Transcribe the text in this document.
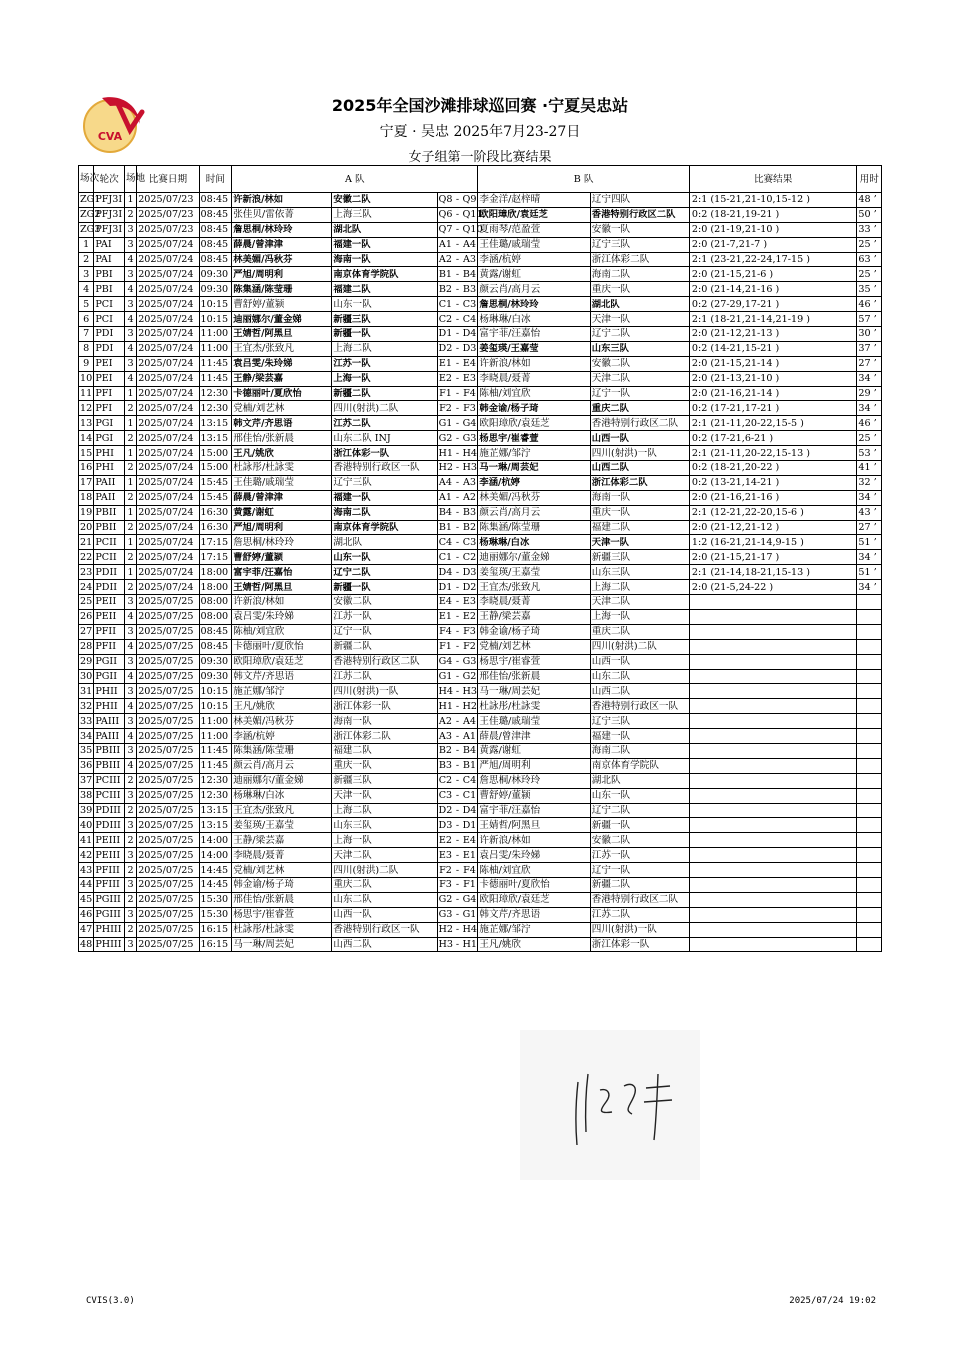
CVA
2025年全国沙滩排球巡回赛 ·宁夏吴忠站
宁夏 · 吴忠 2025年7月23-27日
女子组第一阶段比赛结果
场次	轮次	场地	比赛日期	时间	A 队					B 队		比赛结果	用时
ZG1	PFJ3I	1	2025/07/23	08:45	许新浪/林如	安徽二队	Q8	-	Q9	李金洋/赵梓晴	辽宁四队	2:1 (15-21,21-10,15-12 )	48 ’
ZG2	PFJ3I	2	2025/07/23	08:45	张佳贝/雷依菁	上海三队	Q6	-	Q11	欧阳璋欣/袁廷芝	香港特别行政区二队	0:2 (18-21,19-21 )	50 ’
ZG3	PFJ3I	3	2025/07/23	08:45	詹思桐/林玲玲	湖北队	Q7	-	Q10	夏雨琴/范盈萱	安徽一队	2:0 (21-19,21-10 )	33 ’
1	PAI	3	2025/07/24	08:45	薛晨/曾津津	福建一队	A1	-	A4	王佳璐/戚瑞莹	辽宁三队	2:0 (21-7,21-7 )	25 ’
2	PAI	4	2025/07/24	08:45	林美媚/冯秋芬	海南一队	A2	-	A3	李涵/杭婷	浙江体彩二队	2:1 (23-21,22-24,17-15 )	63 ’
3	PBI	3	2025/07/24	09:30	严旭/周明利	南京体育学院队	B1	-	B4	黄露/谢虹	海南二队	2:0 (21-15,21-6 )	25 ’
4	PBI	4	2025/07/24	09:30	陈集涵/陈莹珊	福建二队	B2	-	B3	颜云肖/高月云	重庆一队	2:0 (21-14,21-16 )	35 ’
5	PCI	3	2025/07/24	10:15	曹舒婷/董颍	山东一队	C1	-	C3	詹思桐/林玲玲	湖北队	0:2 (27-29,17-21 )	46 ’
6	PCI	4	2025/07/24	10:15	迪丽娜尔/董金娣	新疆三队	C2	-	C4	杨琳琳/白冰	天津一队	2:1 (18-21,21-14,21-19 )	57 ’
7	PDI	3	2025/07/24	11:00	王婧哲/阿黑旦	新疆一队	D1	-	D4	富宇菲/汪嘉怡	辽宁二队	2:0 (21-12,21-13 )	30 ’
8	PDI	4	2025/07/24	11:00	王宜杰/张致凡	上海二队	D2	-	D3	姜玺瑛/王嘉莹	山东三队	0:2 (14-21,15-21 )	37 ’
9	PEI	3	2025/07/24	11:45	袁吕雯/朱玲娣	江苏一队	E1	-	E4	许新浪/林如	安徽二队	2:0 (21-15,21-14 )	27 ’
10	PEI	4	2025/07/24	11:45	王静/梁芸嘉	上海一队	E2	-	E3	李晓晨/聂菁	天津二队	2:0 (21-13,21-10 )	34 ’
11	PFI	1	2025/07/24	12:30	卡德丽叶/夏欣怡	新疆二队	F1	-	F4	陈柚/刘宜欣	辽宁一队	2:0 (21-16,21-14 )	29 ’
12	PFI	2	2025/07/24	12:30	党楠/刘艺林	四川(射洪)二队	F2	-	F3	韩金谕/杨子琦	重庆二队	0:2 (17-21,17-21 )	34 ’
13	PGI	1	2025/07/24	13:15	韩文芹/齐思语	江苏二队	G1	-	G4	欧阳璋欣/袁廷芝	香港特别行政区二队	2:1 (21-11,20-22,15-5 )	46 ’
14	PGI	2	2025/07/24	13:15	邢佳怡/张新晨	山东二队 INJ	G2	-	G3	杨思宇/崔睿萱	山西一队	0:2 (17-21,6-21 )	25 ’
15	PHI	1	2025/07/24	15:00	王凡/姚欣	浙江体彩一队	H1	-	H4	施芷娜/邹泞	四川(射洪)一队	2:1 (21-11,20-22,15-13 )	53 ’
16	PHI	2	2025/07/24	15:00	杜詠彤/杜詠雯	香港特别行政区一队	H2	-	H3	马一琳/周芸妃	山西二队	0:2 (18-21,20-22 )	41 ’
17	PAII	1	2025/07/24	15:45	王佳璐/戚瑞莹	辽宁三队	A4	-	A3	李涵/杭婷	浙江体彩二队	0:2 (13-21,14-21 )	32 ’
18	PAII	2	2025/07/24	15:45	薛晨/曾津津	福建一队	A1	-	A2	林美媚/冯秋芬	海南一队	2:0 (21-16,21-16 )	34 ’
19	PBII	1	2025/07/24	16:30	黄露/谢虹	海南二队	B4	-	B3	颜云肖/高月云	重庆一队	2:1 (12-21,22-20,15-6 )	43 ’
20	PBII	2	2025/07/24	16:30	严旭/周明利	南京体育学院队	B1	-	B2	陈集涵/陈莹珊	福建二队	2:0 (21-12,21-12 )	27 ’
21	PCII	1	2025/07/24	17:15	詹思桐/林玲玲	湖北队	C4	-	C3	杨琳琳/白冰	天津一队	1:2 (16-21,21-14,9-15 )	51 ’
22	PCII	2	2025/07/24	17:15	曹舒婷/董颍	山东一队	C1	-	C2	迪丽娜尔/董金娣	新疆三队	2:0 (21-15,21-17 )	34 ’
23	PDII	1	2025/07/24	18:00	富宇菲/汪嘉怡	辽宁二队	D4	-	D3	姜玺瑛/王嘉莹	山东三队	2:1 (21-14,18-21,15-13 )	51 ’
24	PDII	2	2025/07/24	18:00	王婧哲/阿黑旦	新疆一队	D1	-	D2	王宜杰/张致凡	上海二队	2:0 (21-5,24-22 )	34 ’
25	PEII	3	2025/07/25	08:00	许新浪/林如	安徽二队	E4	-	E3	李晓晨/聂菁	天津二队		
26	PEII	4	2025/07/25	08:00	袁吕雯/朱玲娣	江苏一队	E1	-	E2	王静/梁芸嘉	上海一队		
27	PFII	3	2025/07/25	08:45	陈柚/刘宜欣	辽宁一队	F4	-	F3	韩金谕/杨子琦	重庆二队		
28	PFII	4	2025/07/25	08:45	卡德丽叶/夏欣怡	新疆二队	F1	-	F2	党楠/刘艺林	四川(射洪)二队		
29	PGII	3	2025/07/25	09:30	欧阳璋欣/袁廷芝	香港特别行政区二队	G4	-	G3	杨思宇/崔睿萱	山西一队		
30	PGII	4	2025/07/25	09:30	韩文芹/齐思语	江苏二队	G1	-	G2	邢佳怡/张新晨	山东二队		
31	PHII	3	2025/07/25	10:15	施芷娜/邹泞	四川(射洪)一队	H4	-	H3	马一琳/周芸妃	山西二队		
32	PHII	4	2025/07/25	10:15	王凡/姚欣	浙江体彩一队	H1	-	H2	杜詠彤/杜詠雯	香港特别行政区一队		
33	PAIII	3	2025/07/25	11:00	林美媚/冯秋芬	海南一队	A2	-	A4	王佳璐/戚瑞莹	辽宁三队		
34	PAIII	4	2025/07/25	11:00	李涵/杭婷	浙江体彩二队	A3	-	A1	薛晨/曾津津	福建一队		
35	PBIII	3	2025/07/25	11:45	陈集涵/陈莹珊	福建二队	B2	-	B4	黄露/谢虹	海南二队		
36	PBIII	4	2025/07/25	11:45	颜云肖/高月云	重庆一队	B3	-	B1	严旭/周明利	南京体育学院队		
37	PCIII	2	2025/07/25	12:30	迪丽娜尔/董金娣	新疆三队	C2	-	C4	詹思桐/林玲玲	湖北队		
38	PCIII	3	2025/07/25	12:30	杨琳琳/白冰	天津一队	C3	-	C1	曹舒婷/董颍	山东一队		
39	PDIII	2	2025/07/25	13:15	王宜杰/张致凡	上海二队	D2	-	D4	富宇菲/汪嘉怡	辽宁二队		
40	PDIII	3	2025/07/25	13:15	姜玺瑛/王嘉莹	山东三队	D3	-	D1	王婧哲/阿黑旦	新疆一队		
41	PEIII	2	2025/07/25	14:00	王静/梁芸嘉	上海一队	E2	-	E4	许新浪/林如	安徽二队		
42	PEIII	3	2025/07/25	14:00	李晓晨/聂菁	天津二队	E3	-	E1	袁吕雯/朱玲娣	江苏一队		
43	PFIII	2	2025/07/25	14:45	党楠/刘艺林	四川(射洪)二队	F2	-	F4	陈柚/刘宜欣	辽宁一队		
44	PFIII	3	2025/07/25	14:45	韩金谕/杨子琦	重庆二队	F3	-	F1	卡德丽叶/夏欣怡	新疆二队		
45	PGIII	2	2025/07/25	15:30	邢佳怡/张新晨	山东二队	G2	-	G4	欧阳璋欣/袁廷芝	香港特别行政区二队		
46	PGIII	3	2025/07/25	15:30	杨思宇/崔睿萱	山西一队	G3	-	G1	韩文芹/齐思语	江苏二队		
47	PHIII	2	2025/07/25	16:15	杜詠彤/杜詠雯	香港特别行政区一队	H2	-	H4	施芷娜/邹泞	四川(射洪)一队		
48	PHIII	3	2025/07/25	16:15	马一琳/周芸妃	山西二队	H3	-	H1	王凡/姚欣	浙江体彩一队		
CVIS(3.0)	2025/07/24 19:02
